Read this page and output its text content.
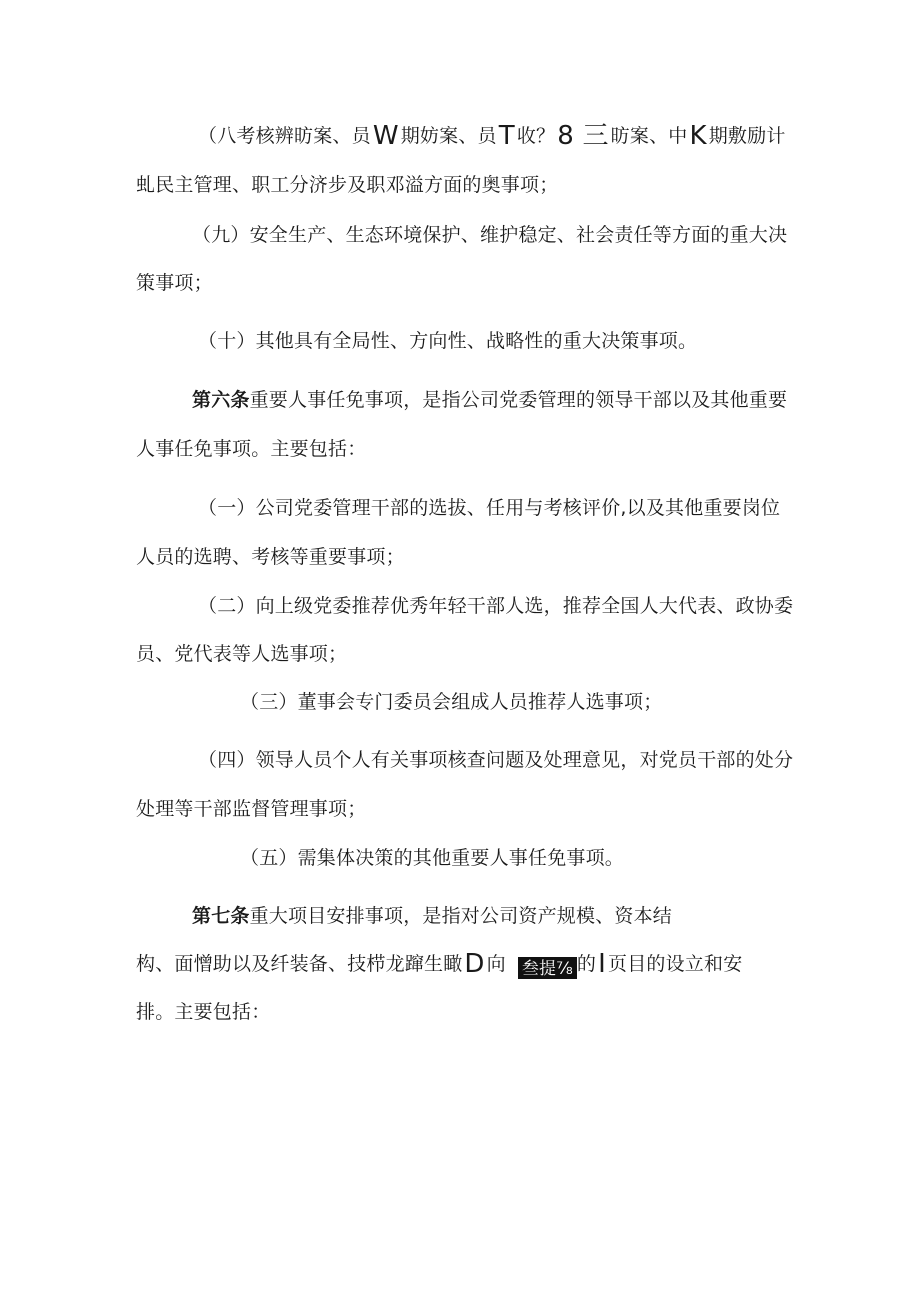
（八考核辨昉案、员W 期妨案、员T 收？8 三 昉案、中K 期敷励计
虬民主管理、职工分济步及职邓溢方面的奥事项；
（九）安全生产、生态环境保护、维护稳定、社会责任等方面的重大决
策事项；
（十）其他具有全局性、方向性、战略性的重大决策事项。
第六条重要人事任免事项，是指公司党委管理的领导干部以及其他重要
人事任免事项。主要包括：
（一）公司党委管理干部的选拔、任用与考核评价,以及其他重要岗位
人员的选聘、考核等重要事项；
（二）向上级党委推荐优秀年轻干部人选，推荐全国人大代表、政协委
员、党代表等人选事项；
（三）董事会专门委员会组成人员推荐人选事项；
（四）领导人员个人有关事项核查问题及处理意见，对党员干部的处分
处理等干部监督管理事项；
（五）需集体决策的其他重要人事任免事项。
第七条重大项目安排事项，是指对公司资产规模、资本结
构、面憎助以及纤装备、技栉龙蹿生瞰D 向 叁提⅞ 的I 页目的设立和安
排。主要包括：
